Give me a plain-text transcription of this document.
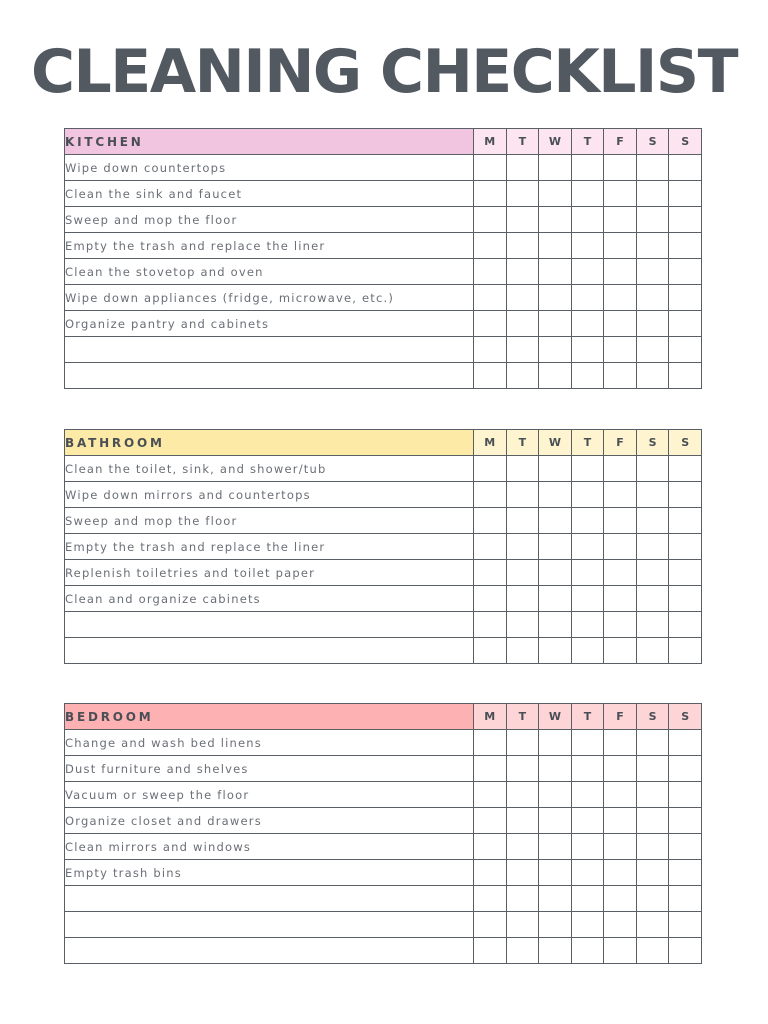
CLEANING CHECKLIST
KITCHEN	M	T	W	T	F	S	S
Wipe down countertops							
Clean the sink and faucet							
Sweep and mop the floor							
Empty the trash and replace the liner							
Clean the stovetop and oven							
Wipe down appliances (fridge, microwave, etc.)							
Organize pantry and cabinets							

BATHROOM	M	T	W	T	F	S	S
Clean the toilet, sink, and shower/tub							
Wipe down mirrors and countertops							
Sweep and mop the floor							
Empty the trash and replace the liner							
Replenish toiletries and toilet paper							
Clean and organize cabinets							

BEDROOM	M	T	W	T	F	S	S
Change and wash bed linens							
Dust furniture and shelves							
Vacuum or sweep the floor							
Organize closet and drawers							
Clean mirrors and windows							
Empty trash bins							
